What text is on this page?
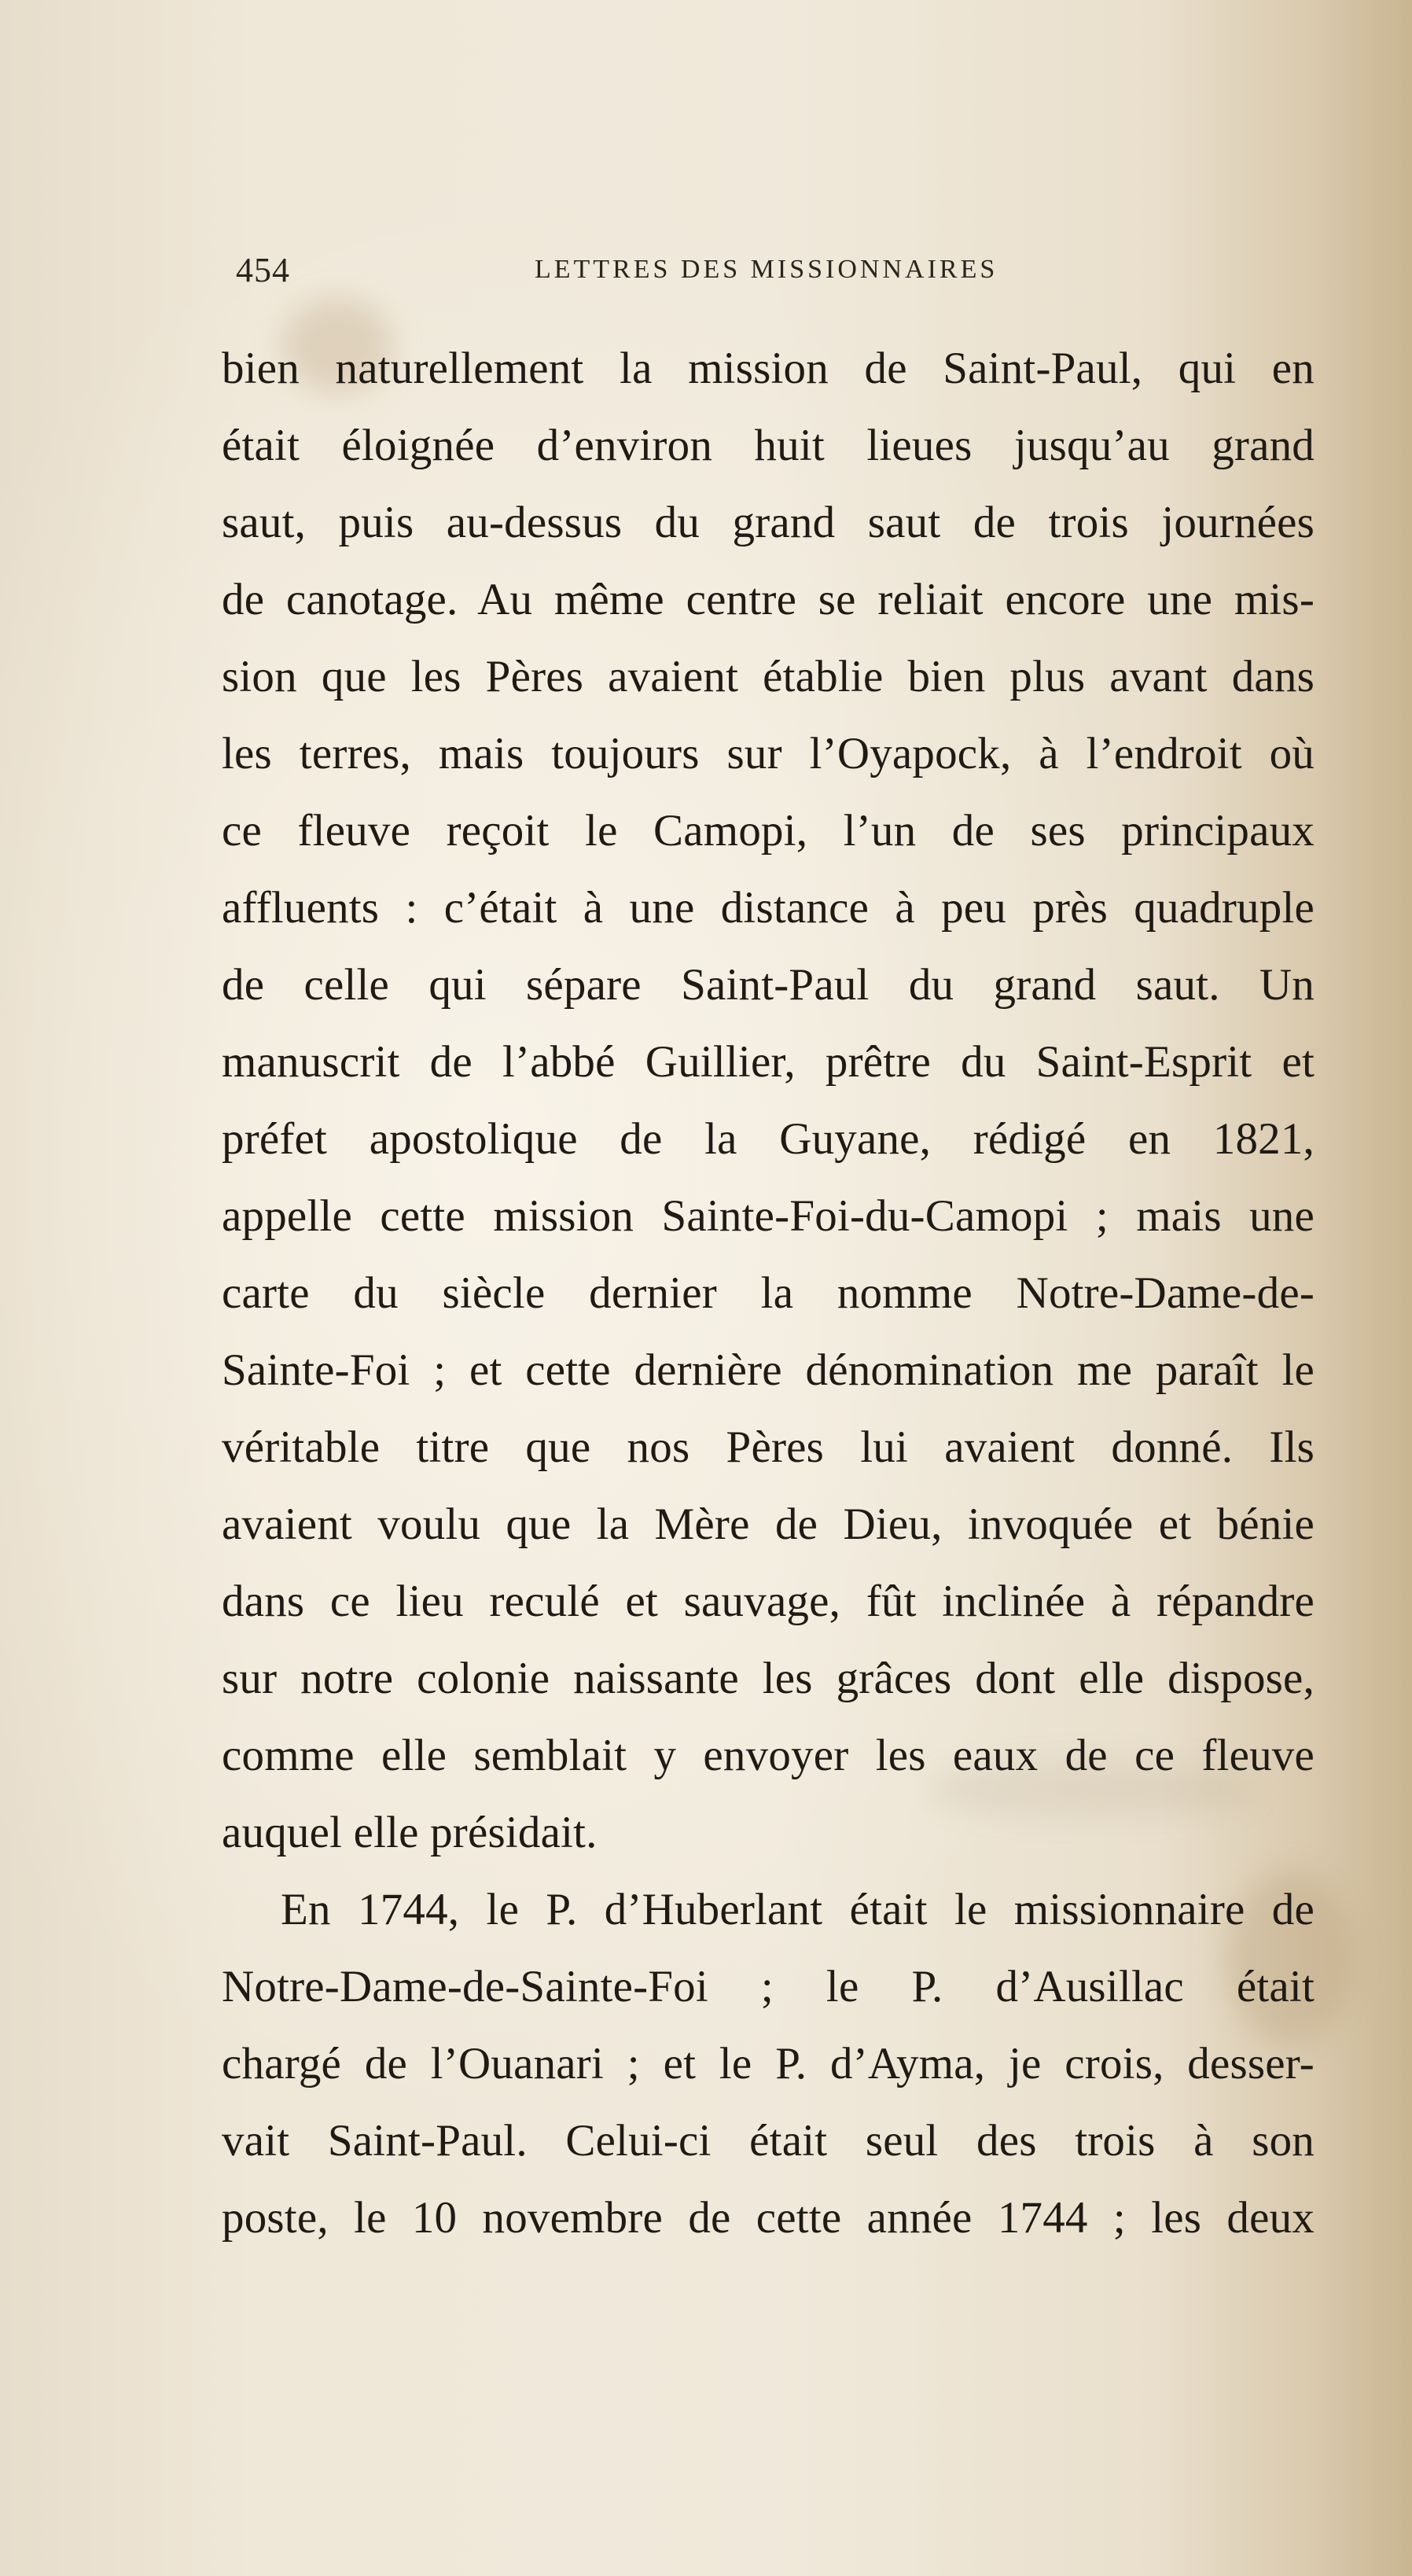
454	LETTRES DES MISSIONNAIRES
bien naturellement la mission de Saint-Paul, qui en
était éloignée d’environ huit lieues jusqu’au grand
saut, puis au-dessus du grand saut de trois journées
de canotage. Au même centre se reliait encore une mis-
sion que les Pères avaient établie bien plus avant dans
les terres, mais toujours sur l’Oyapock, à l’endroit où
ce fleuve reçoit le Camopi, l’un de ses principaux
affluents : c’était à une distance à peu près quadruple
de celle qui sépare Saint-Paul du grand saut. Un
manuscrit de l’abbé Guillier, prêtre du Saint-Esprit et
préfet apostolique de la Guyane, rédigé en 1821,
appelle cette mission Sainte-Foi-du-Camopi ; mais une
carte du siècle dernier la nomme Notre-Dame-de-
Sainte-Foi ; et cette dernière dénomination me paraît le
véritable titre que nos Pères lui avaient donné. Ils
avaient voulu que la Mère de Dieu, invoquée et bénie
dans ce lieu reculé et sauvage, fût inclinée à répandre
sur notre colonie naissante les grâces dont elle dispose,
comme elle semblait y envoyer les eaux de ce fleuve
auquel elle présidait.
En 1744, le P. d’Huberlant était le missionnaire de
Notre-Dame-de-Sainte-Foi ; le P. d’Ausillac était
chargé de l’Ouanari ; et le P. d’Ayma, je crois, desser-
vait Saint-Paul. Celui-ci était seul des trois à son
poste, le 10 novembre de cette année 1744 ; les deux
